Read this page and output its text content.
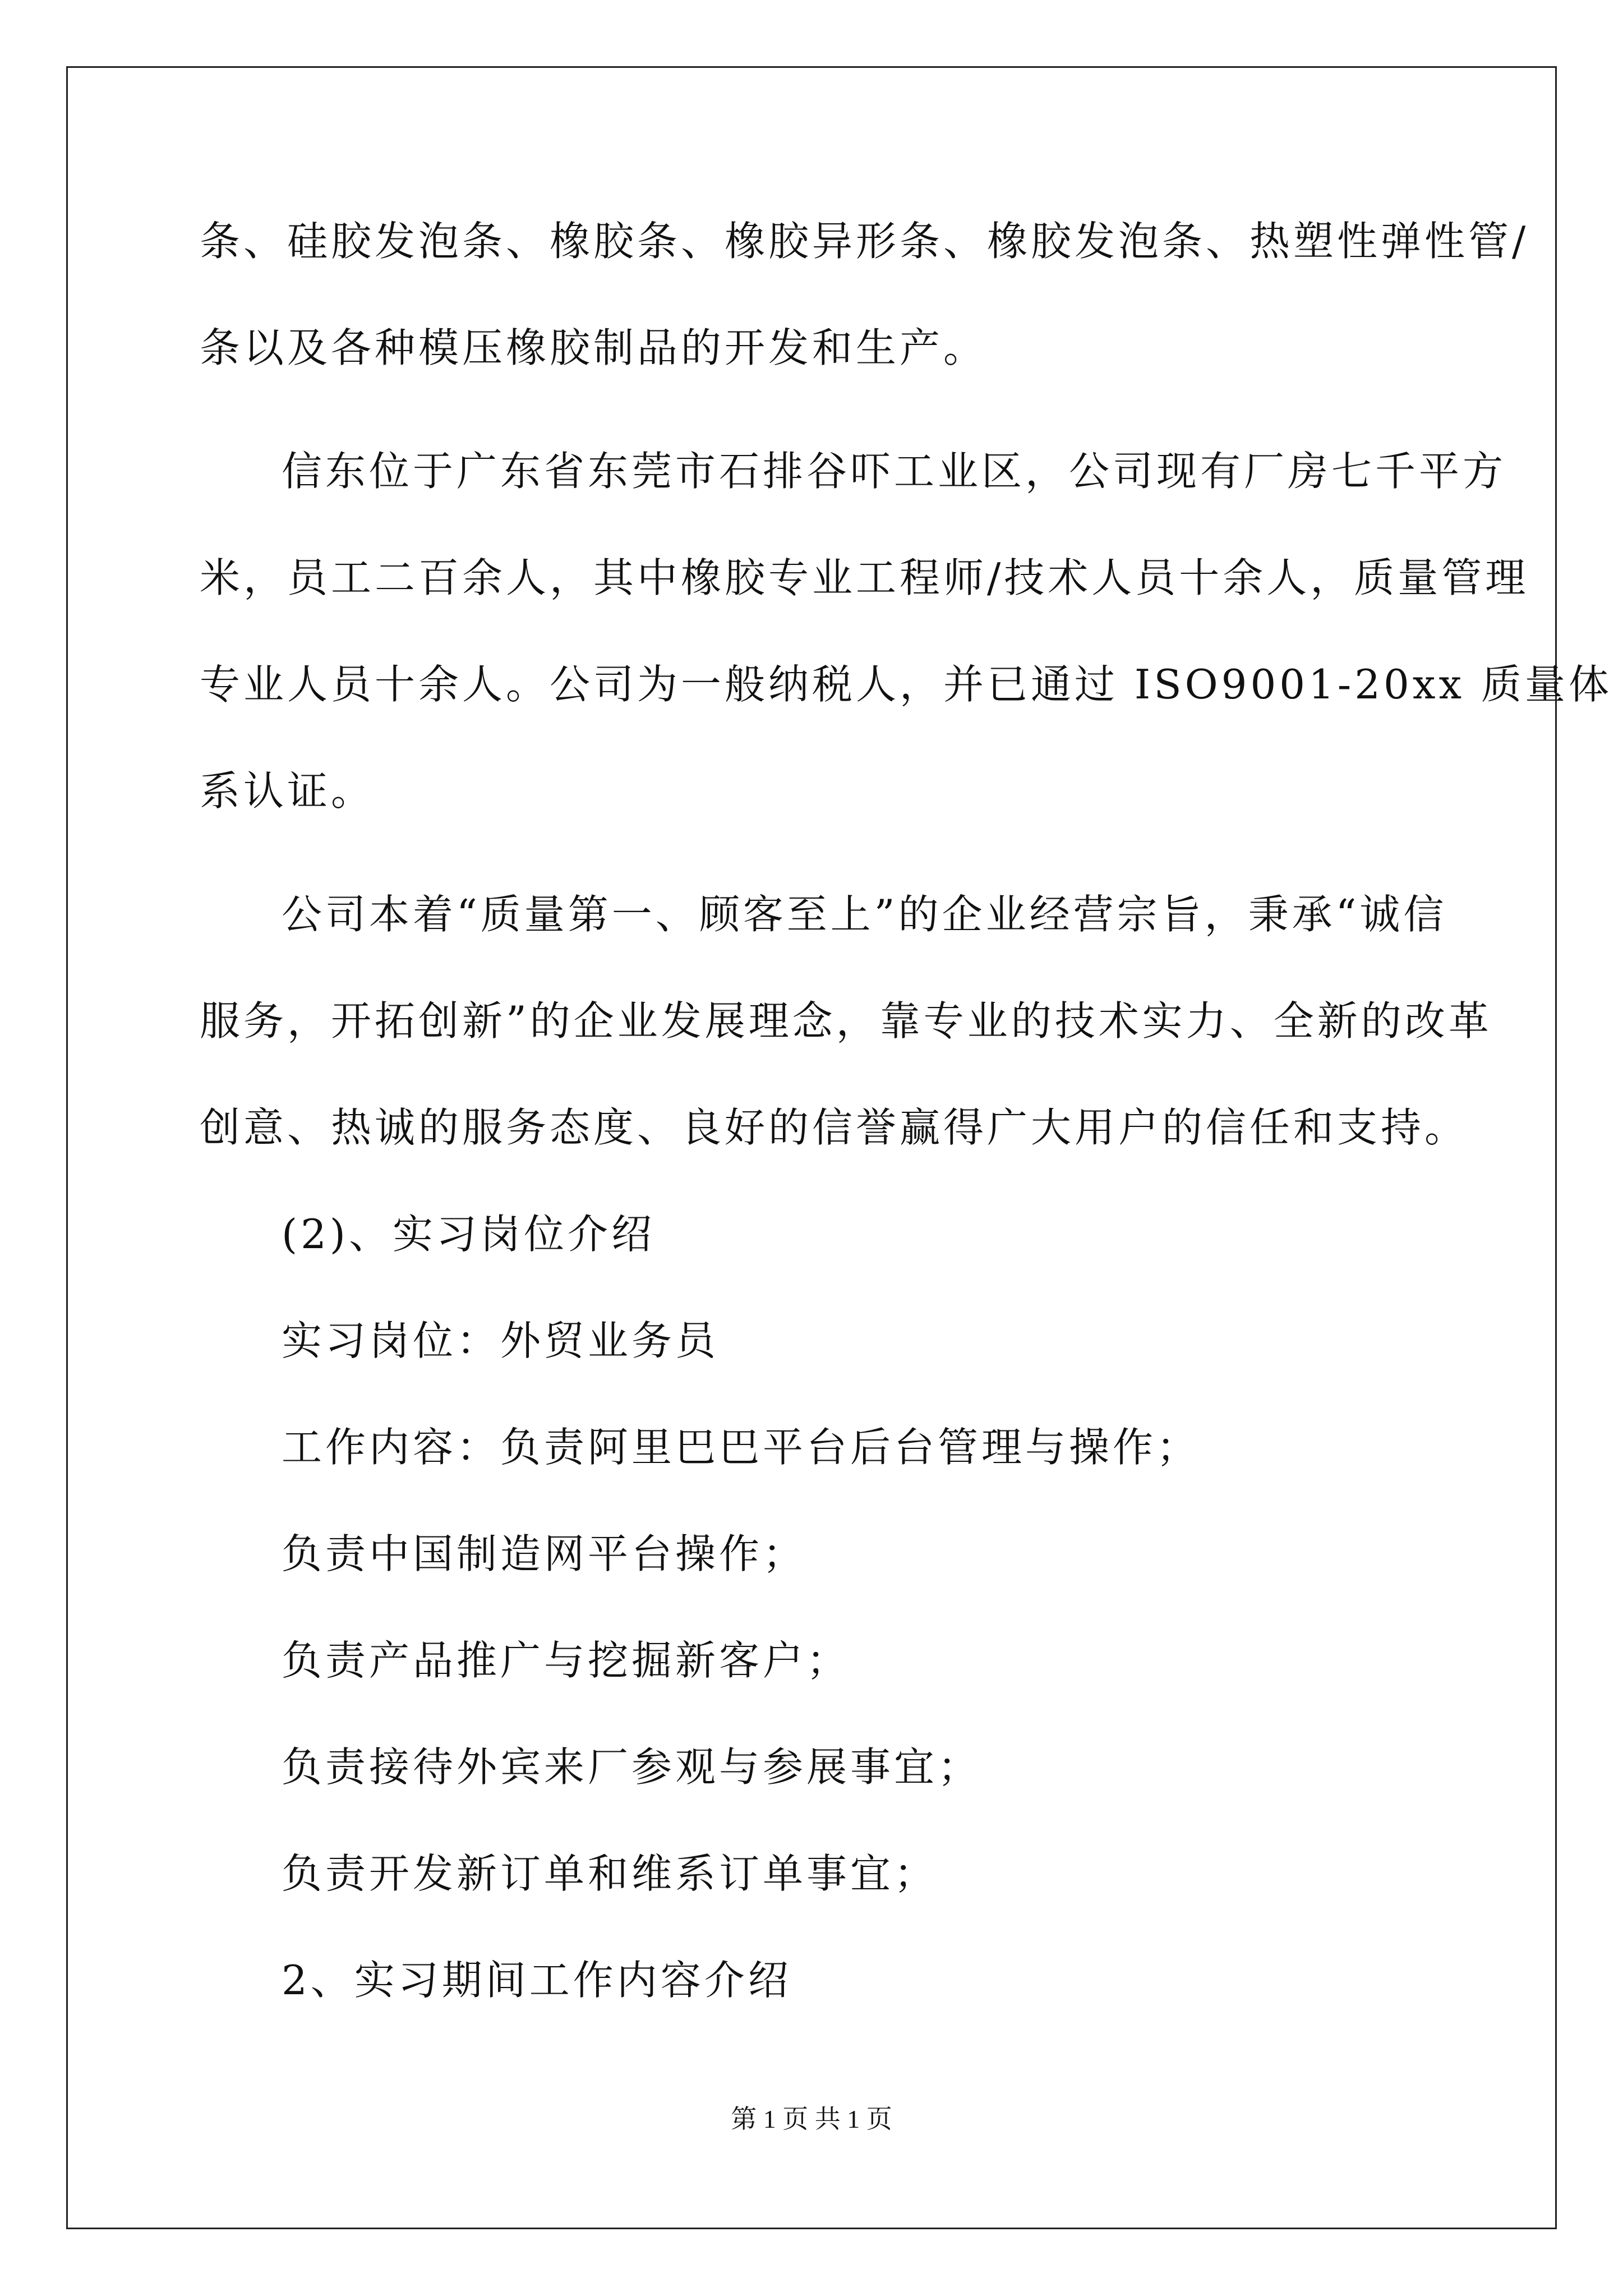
条、硅胶发泡条、橡胶条、橡胶异形条、橡胶发泡条、热塑性弹性管/
条以及各种模压橡胶制品的开发和生产。
信东位于广东省东莞市石排谷吓工业区，公司现有厂房七千平方
米，员工二百余人，其中橡胶专业工程师/技术人员十余人，质量管理
专业人员十余人。公司为一般纳税人，并已通过 ISO9001-20xx 质量体
系认证。
公司本着“质量第一、顾客至上”的企业经营宗旨，秉承“诚信
服务，开拓创新”的企业发展理念，靠专业的技术实力、全新的改革
创意、热诚的服务态度、良好的信誉赢得广大用户的信任和支持。
(2)、实习岗位介绍
实习岗位：外贸业务员
工作内容：负责阿里巴巴平台后台管理与操作；
负责中国制造网平台操作；
负责产品推广与挖掘新客户；
负责接待外宾来厂参观与参展事宜；
负责开发新订单和维系订单事宜；
2、实习期间工作内容介绍
第 1 页 共 1 页
